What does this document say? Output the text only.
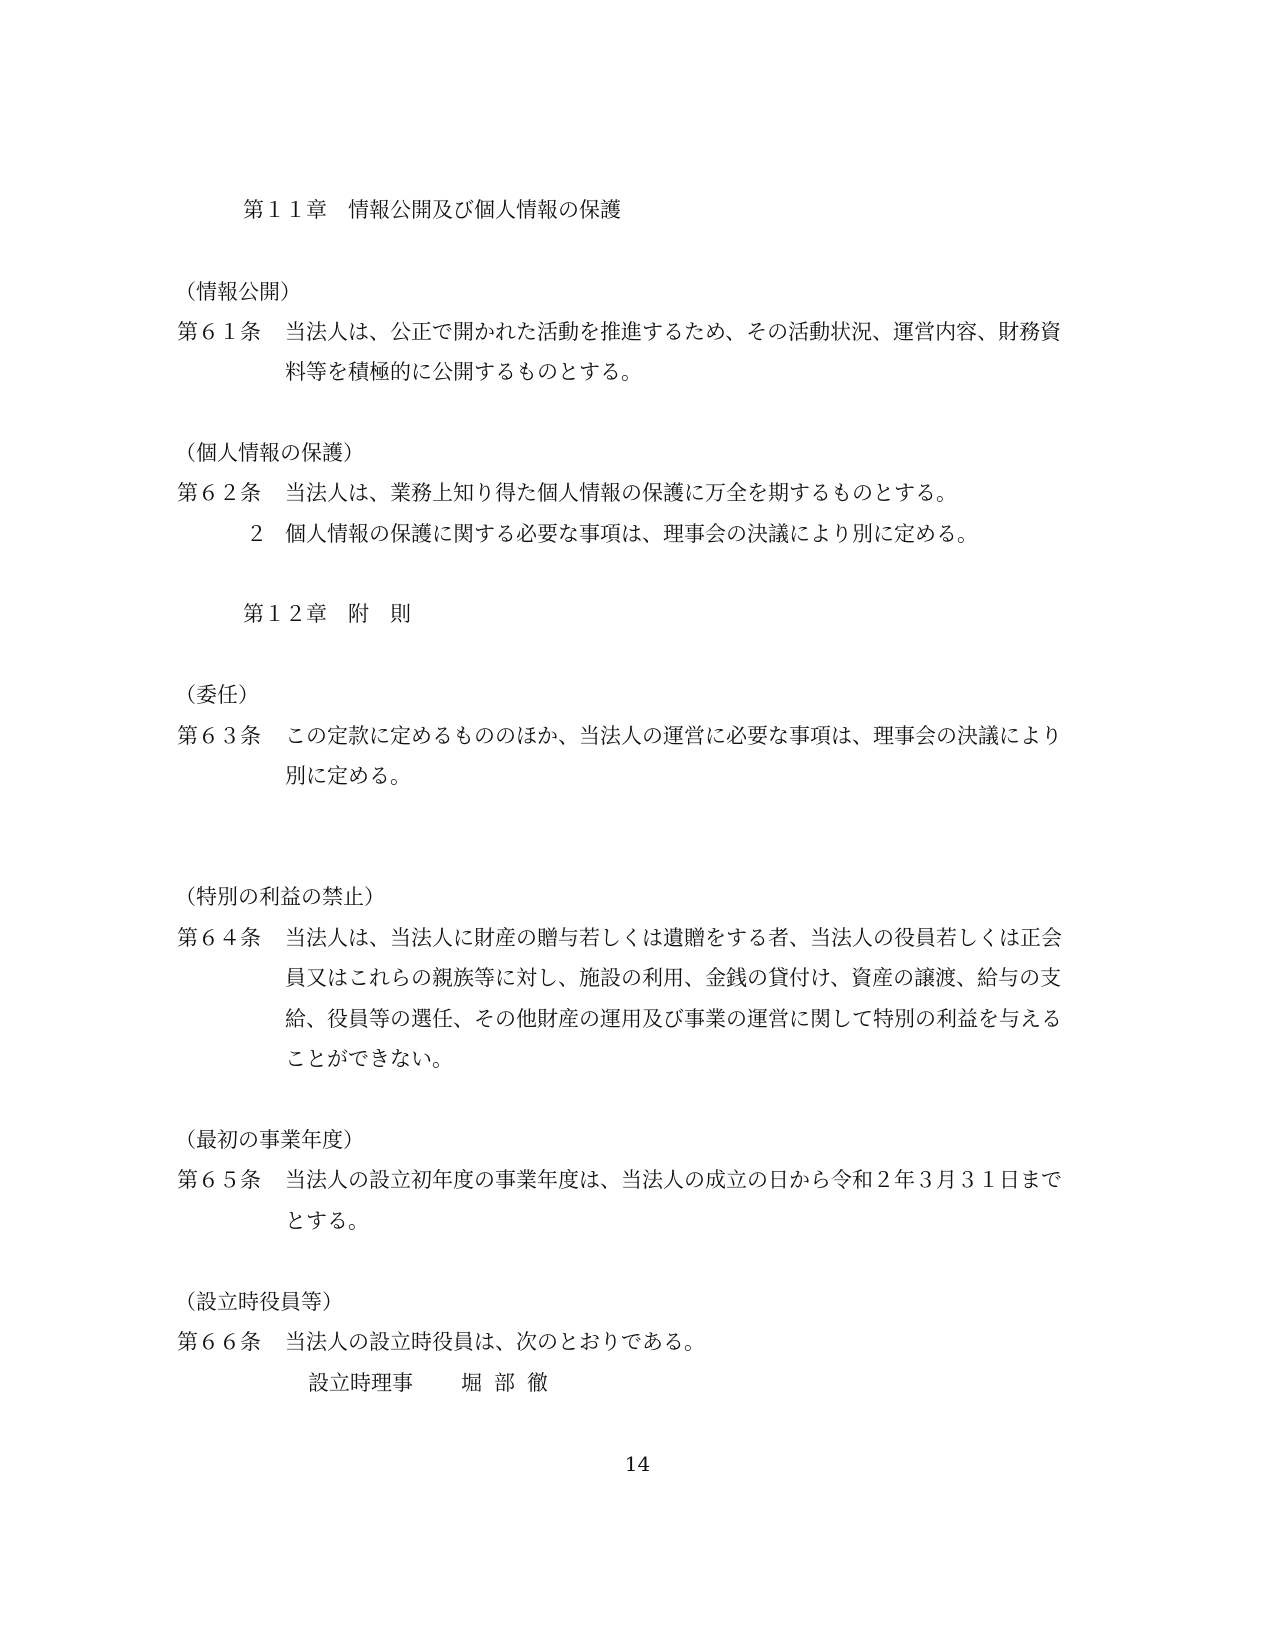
第１１章　情報公開及び個人情報の保護
（情報公開）
第６１条 当法人は、公正で開かれた活動を推進するため、その活動状況、運営内容、財務資
料等を積極的に公開するものとする。
（個人情報の保護）
第６２条 当法人は、業務上知り得た個人情報の保護に万全を期するものとする。
２ 個人情報の保護に関する必要な事項は、理事会の決議により別に定める。
第１２章　附　則
（委任）
第６３条 この定款に定めるもののほか、当法人の運営に必要な事項は、理事会の決議により
別に定める。
（特別の利益の禁止）
第６４条 当法人は、当法人に財産の贈与若しくは遺贈をする者、当法人の役員若しくは正会
員又はこれらの親族等に対し、施設の利用、金銭の貸付け、資産の譲渡、給与の支
給、役員等の選任、その他財産の運用及び事業の運営に関して特別の利益を与える
ことができない。
（最初の事業年度）
第６５条 当法人の設立初年度の事業年度は、当法人の成立の日から令和２年３月３１日まで
とする。
（設立時役員等）
第６６条 当法人の設立時役員は、次のとおりである。
設立時理事 堀部徹
14
